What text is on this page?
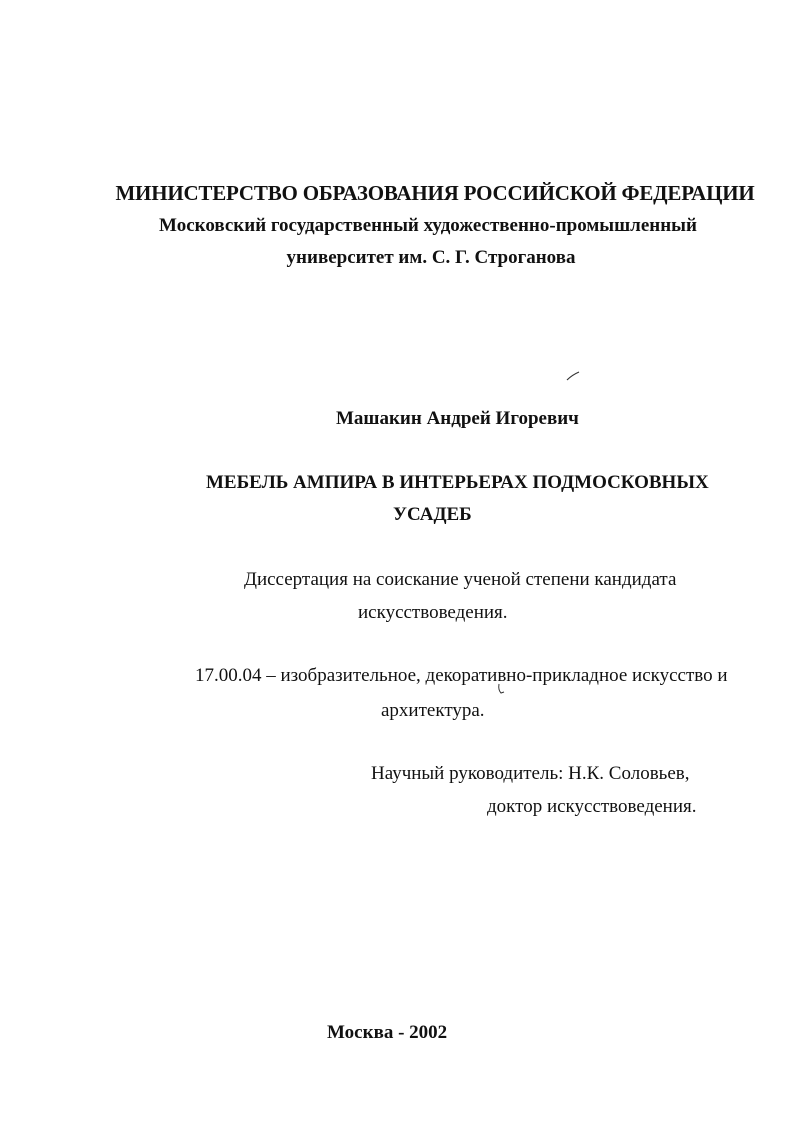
МИНИСТЕРСТВО ОБРАЗОВАНИЯ РОССИЙСКОЙ ФЕДЕРАЦИИ
Московский государственный художественно-промышленный
университет им. С. Г. Строганова
Машакин Андрей Игоревич
МЕБЕЛЬ АМПИРА В ИНТЕРЬЕРАХ ПОДМОСКОВНЫХ
УСАДЕБ
Диссертация на соискание ученой степени кандидата
искусствоведения.
17.00.04 – изобразительное, декоративно-прикладное искусство и
архитектура.
Научный руководитель: Н.К. Соловьев,
доктор искусствоведения.
Москва - 2002
